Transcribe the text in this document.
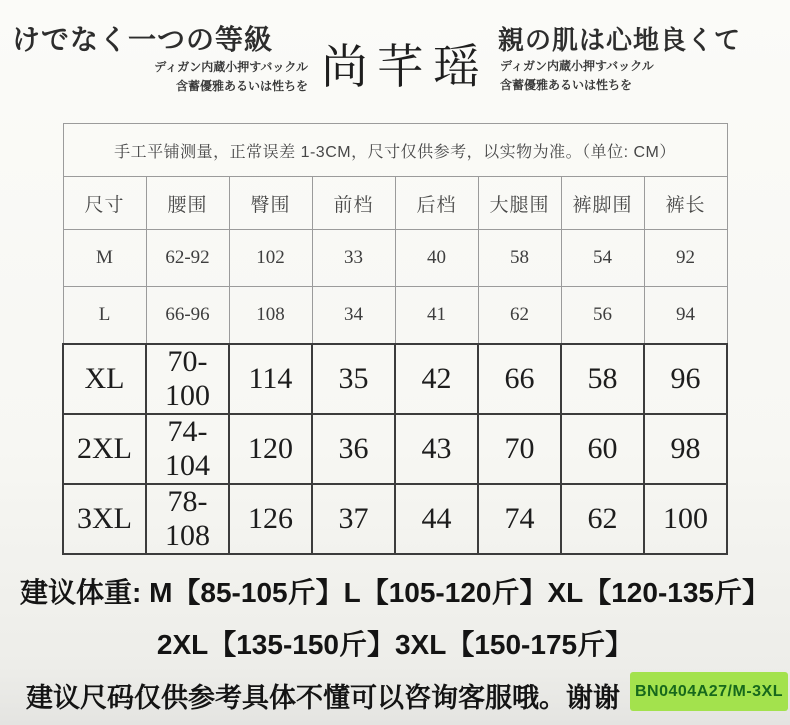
けでなく一つの等級
ディガン内蔵小押すバックル
含蓄優雅あるいは性ちを 尚芊瑶 親の肌は心地良くて
ディガン内蔵小押すバックル
含蓄優雅あるいは性ちを
手工平铺测量，正常误差 1-3CM，尺寸仅供参考，以实物为准。（单位: CM）							
尺寸	腰围	臀围	前档	后档	大腿围	裤脚围	裤长
M	62-92	102	33	40	58	54	92
L	66-96	108	34	41	62	56	94
XL	70-100	114	35	42	66	58	96
2XL	74-104	120	36	43	70	60	98
3XL	78-108	126	37	44	74	62	100
建议体重: M【85-105斤】L【105-120斤】XL【120-135斤】
2XL【135-150斤】3XL【150-175斤】
建议尺码仅供参考具体不懂可以咨询客服哦。谢谢 BN0404A27/M-3XL
